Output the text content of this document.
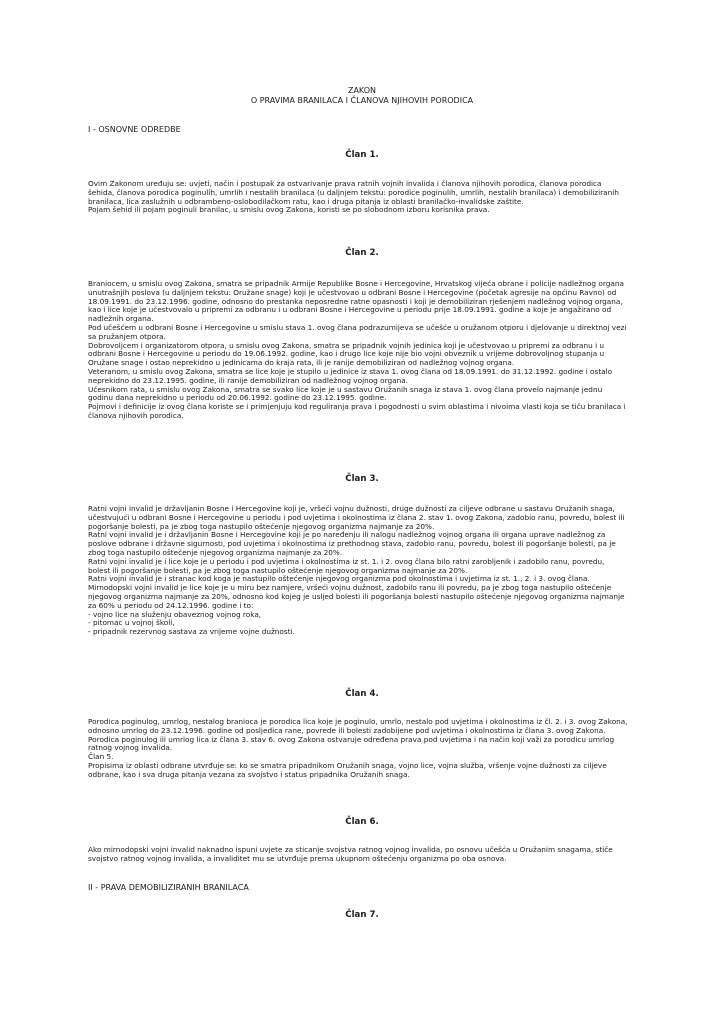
ZAKON
O PRAVIMA BRANILACA I ČLANOVA NJIHOVIH PORODICA
I - OSNOVNE ODREDBE
Član 1.

Ovim Zakonom uređuju se: uvjeti, način i postupak za ostvarivanje prava ratnih vojnih invalida i članova njihovih porodica, članova porodica šehida, članova porodica poginulih, umrlih i nestalih branilaca (u daljnjem tekstu: porodice poginulih, umrlih, nestalih branilaca) i demobiliziranih branilaca, lica zaslužnih u odbrambeno-oslobodilačkom ratu, kao i druga pitanja iz oblasti branilačko-invalidske zaštite.

Pojam šehid ili pojam poginuli branilac, u smislu ovog Zakona, koristi se po slobodnom izboru korisnika prava.

Član 2.

Braniocem, u smislu ovog Zakona, smatra se pripadnik Armije Republike Bosne i Hercegovine, Hrvatskog vijeća obrane i policije nadležnog organa unutrašnjih poslova (u daljnjem tekstu: Oružane snage) koji je učestvovao u odbrani Bosne i Hercegovine (početak agresije na općinu Ravno) od 18.09.1991. do 23.12.1996. godine, odnosno do prestanka neposredne ratne opasnosti i koji je demobiliziran rješenjem nadležnog vojnog organa, kao i lice koje je učestvovalo u pripremi za odbranu i u odbrani Bosne i Hercegovine u periodu prije 18.09.1991. godine a koje je angažirano od nadležnih organa.

Pod učešćem u odbrani Bosne i Hercegovine u smislu stava 1. ovog člana podrazumijeva se učešće u oružanom otporu i djelovanje u direktnoj vezi sa pružanjem otpora.

Dobrovoljcem i organizatorom otpora, u smislu ovog Zakona, smatra se pripadnik vojnih jedinica koji je učestvovao u pripremi za odbranu i u odbrani Bosne i Hercegovine u periodu do 19.06.1992. godine, kao i drugo lice koje nije bio vojni obveznik u vrijeme dobrovoljnog stupanja u Oružane snage i ostao neprekidno u jedinicama do kraja rata, ili je ranije demobiliziran od nadležnog vojnog organa.

Veteranom, u smislu ovog Zakona, smatra se lice koje je stupilo u jedinice iz stava 1. ovog člana od 18.09.1991. do 31.12.1992. godine i ostalo neprekidno do 23.12.1995. godine, ili ranije demobiliziran od nadležnog vojnog organa.

Učesnikom rata, u smislu ovog Zakona, smatra se svako lice koje je u sastavu Oružanih snaga iz stava 1. ovog člana provelo najmanje jednu godinu dana neprekidno u periodu od 20.06.1992. godine do 23.12.1995. godine.

Pojmovi i definicije iz ovog člana koriste se i primjenjuju kod reguliranja prava i pogodnosti u svim oblastima i nivoima vlasti koja se tiču branilaca i članova njihovih porodica.

Član 3.

Ratni vojni invalid je državljanin Bosne i Hercegovine koji je, vršeći vojnu dužnosti, druge dužnosti za ciljeve odbrane u sastavu Oružanih snaga, učestvujući u odbrani Bosne i Hercegovine u periodu i pod uvjetima i okolnostima iz člana 2. stav 1. ovog Zakona, zadobio ranu, povredu, bolest ili pogoršanje bolesti, pa je zbog toga nastupilo oštećenje njegovog organizma najmanje za 20%.

Ratni vojni invalid je i državljanin Bosne i Hercegovine koji je po naređenju ili nalogu nadležnog vojnog organa ili organa uprave nadležnog za poslove odbrane i državne sigurnosti, pod uvjetima i okolnostima iz prethodnog stava, zadobio ranu, povredu, bolest ili pogoršanje bolesti, pa je zbog toga nastupilo oštećenje njegovog organizma najmanje za 20%.

Ratni vojni invalid je i lice koje je u periodu i pod uvjetima i okolnostima iz st. 1. i 2. ovog člana bilo ratni zarobljenik i zadobilo ranu, povredu, bolest ili pogoršanje bolesti, pa je zbog toga nastupilo oštećenje njegovog organizma najmanje za 20%.

Ratni vojni invalid je i stranac kod koga je nastupilo oštećenje njegovog organizma pod okolnostima i uvjetima iz st. 1., 2. i 3. ovog člana.

Mirnodopski vojni invalid je lice koje je u miru bez namjere, vršeći vojnu dužnost, zadobilo ranu ili povredu, pa je zbog toga nastupilo oštećenje njegovog organizma najmanje za 20%, odnosno kod kojeg je usljed bolesti ili pogoršanja bolesti nastupilo oštećenje njegovog organizma najmanje za 60% u periodu od 24.12.1996. godine i to:

- vojno lice na služenju obaveznog vojnog roka,

- pitomac u vojnoj školi,

- pripadnik rezervnog sastava za vrijeme vojne dužnosti.

Član 4.

Porodica poginulog, umrlog, nestalog branioca je porodica lica koje je poginulo, umrlo, nestalo pod uvjetima i okolnostima iz čl. 2. i 3. ovog Zakona, odnosno umrlog do 23.12.1996. godine od posljedica rane, povrede ili bolesti zadobijene pod uvjetima i okolnostima iz člana 3. ovog Zakona.

Porodica poginulog ili umrlog lica iz člana 3. stav 6. ovog Zakona ostvaruje određena prava pod uvjetima i na način koji važi za porodicu umrlog ratnog vojnog invalida.

Član 5.

Propisima iz oblasti odbrane utvrđuje se: ko se smatra pripadnikom Oružanih snaga, vojno lice, vojna služba, vršenje vojne dužnosti za ciljeve odbrane, kao i sva druga pitanja vezana za svojstvo i status pripadnika Oružanih snaga.

Član 6.

Ako mirnodopski vojni invalid naknadno ispuni uvjete za sticanje svojstva ratnog vojnog invalida, po osnovu učešća u Oružanim snagama, stiče svojstvo ratnog vojnog invalida, a invaliditet mu se utvrđuje prema ukupnom oštećenju organizma po oba osnova.

II - PRAVA DEMOBILIZIRANIH BRANILACA
Član 7.
